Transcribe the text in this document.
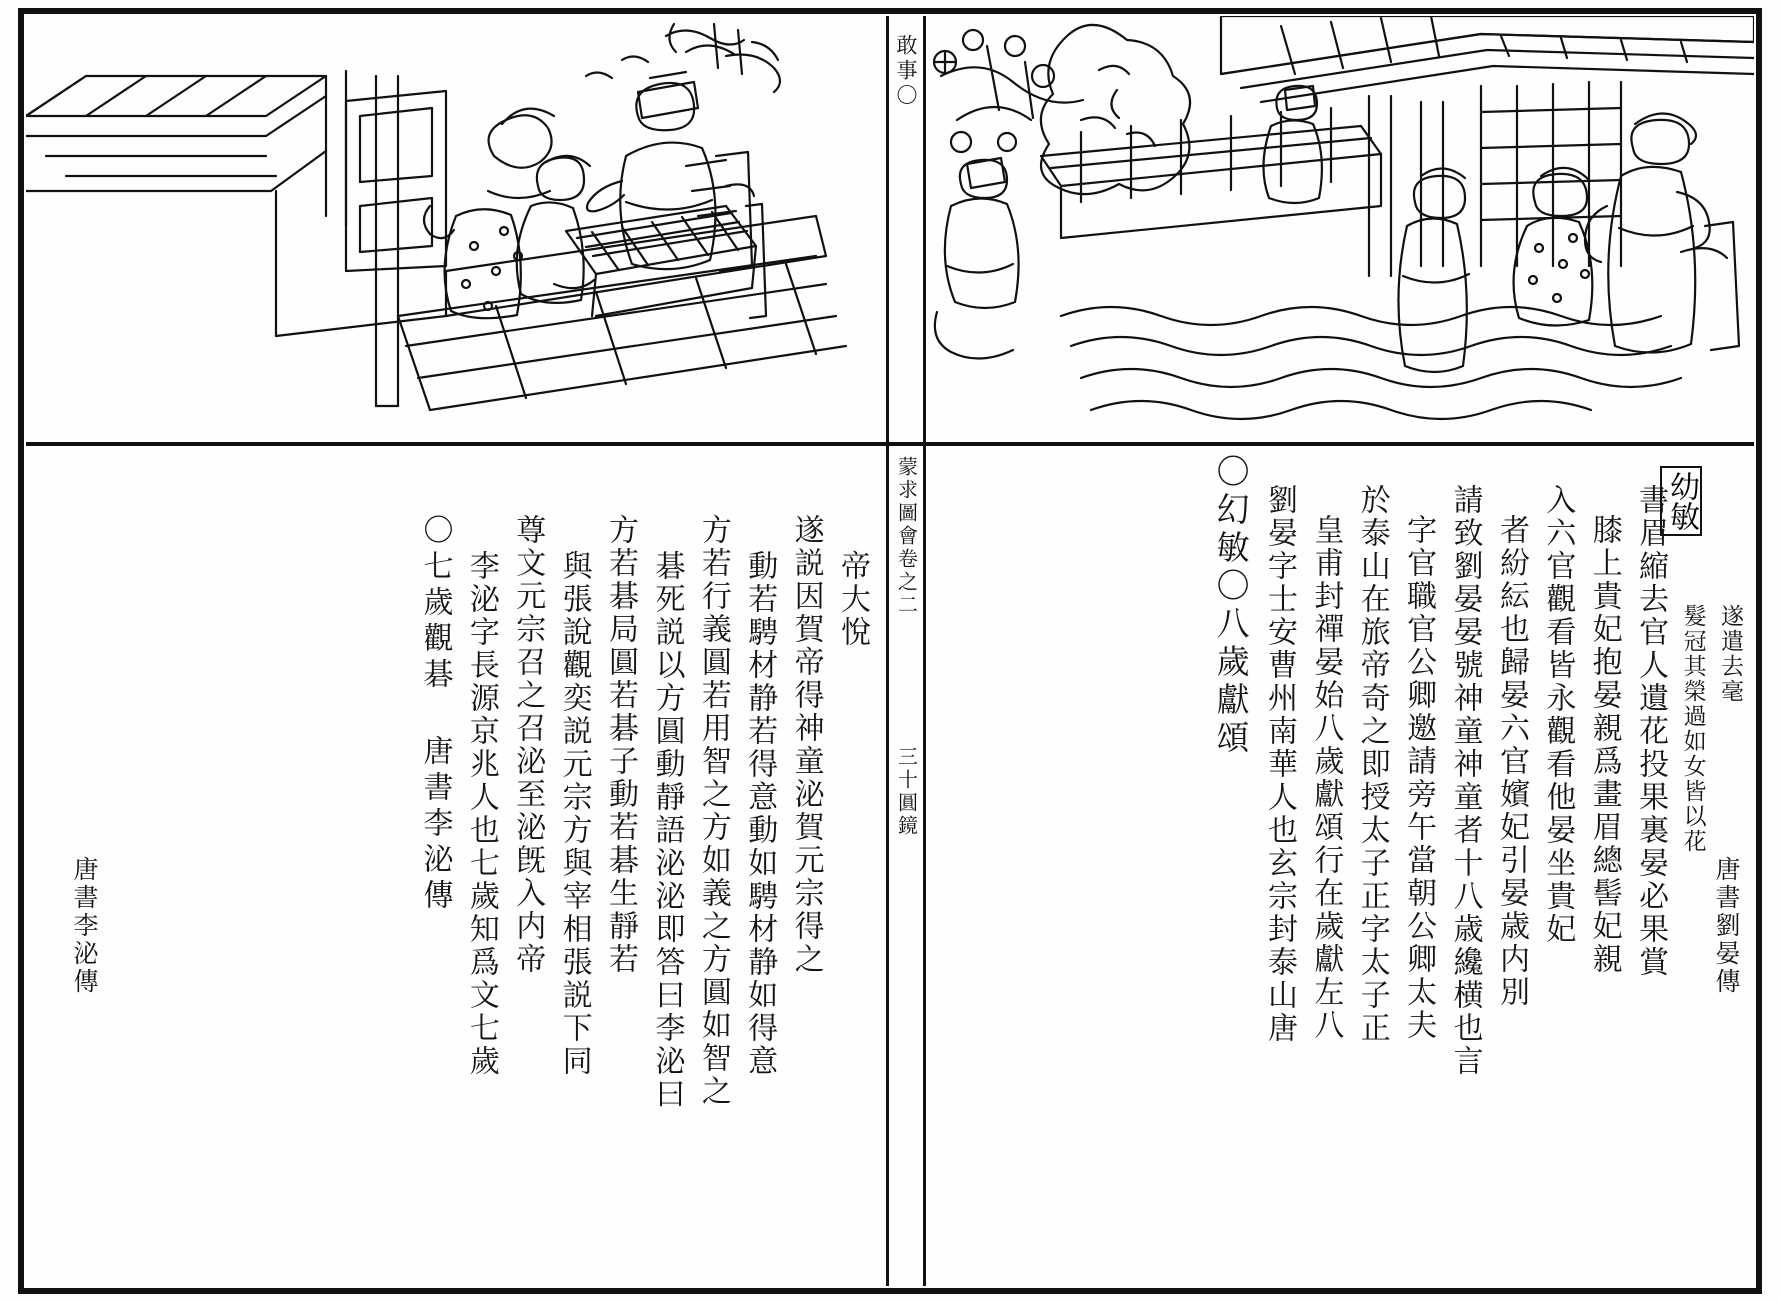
敢事〇
〇七歲觀碁 唐書李泌傳 李泌字長源京兆人也七歲知爲文七歲 尊文元宗召之召泌至泌旣入内帝 與張說觀奕説元宗方與宰相張説下同 方若碁局圓若碁子動若碁生靜若 碁死説以方圓動靜語泌泌即答曰李泌曰 方若行義圓若用智之方如義之方圓如智之 動若騁材静若得意動如騁材静如得意 遂説因賀帝得神童泌賀元宗得之 帝大悅
唐書李泌傳
蒙求圖會卷之二
三十圓鏡
〇幻敏〇八歲獻頌 劉晏字士安曹州南華人也玄宗封泰山唐 皇甫封禪晏始八歲獻頌行在歲獻左八 於泰山在旅帝奇之即授太子正字太子正 字官職官公卿邀請旁午當朝公卿太夫 請致劉晏晏號神童神童者十八歳纔横也言 者紛紜也歸晏六官嬪妃引晏歳内別 入六官觀看皆永觀看他晏坐貴妃 膝上貴妃抱晏親爲畫眉總髻妃親 書眉縮去官人遺花投果裏晏必果賞 髮冠其榮過如女皆以花 遂遣去毫
唐書劉晏傳
幼敏
